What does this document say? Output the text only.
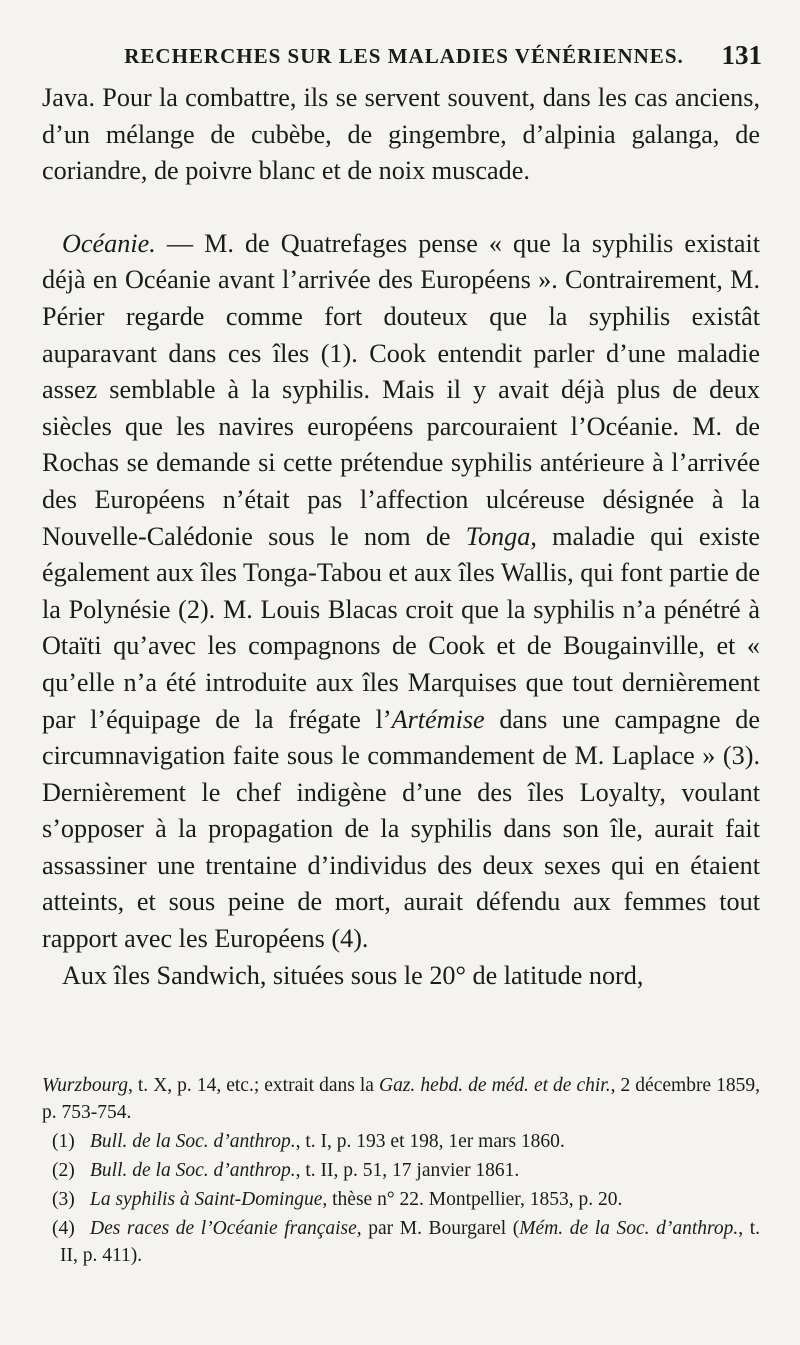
RECHERCHES SUR LES MALADIES VÉNÉRIENNES. 131

Java. Pour la combattre, ils se servent souvent, dans les cas anciens, d’un mélange de cubèbe, de gingembre, d’alpinia galanga, de coriandre, de poivre blanc et de noix muscade.

Océanie. — M. de Quatrefages pense « que la syphilis existait déjà en Océanie avant l’arrivée des Européens ». Contrairement, M. Périer regarde comme fort douteux que la syphilis existât auparavant dans ces îles (1). Cook entendit parler d’une maladie assez semblable à la syphilis. Mais il y avait déjà plus de deux siècles que les navires européens parcouraient l’Océanie. M. de Rochas se demande si cette prétendue syphilis antérieure à l’arrivée des Européens n’était pas l’affection ulcéreuse désignée à la Nouvelle-Calédonie sous le nom de Tonga, maladie qui existe également aux îles Tonga-Tabou et aux îles Wallis, qui font partie de la Polynésie (2). M. Louis Blacas croit que la syphilis n’a pénétré à Otaïti qu’avec les compagnons de Cook et de Bougainville, et « qu’elle n’a été introduite aux îles Marquises que tout dernièrement par l’équipage de la frégate l’Artémise dans une campagne de circumnavigation faite sous le commandement de M. Laplace » (3). Dernièrement le chef indigène d’une des îles Loyalty, voulant s’opposer à la propagation de la syphilis dans son île, aurait fait assassiner une trentaine d’individus des deux sexes qui en étaient atteints, et sous peine de mort, aurait défendu aux femmes tout rapport avec les Européens (4).

Aux îles Sandwich, situées sous le 20° de latitude nord,

Wurzbourg, t. X, p. 14, etc.; extrait dans la Gaz. hebd. de méd. et de chir., 2 décembre 1859, p. 753-754.

(1) Bull. de la Soc. d’anthrop., t. I, p. 193 et 198, 1er mars 1860.

(2) Bull. de la Soc. d’anthrop., t. II, p. 51, 17 janvier 1861.

(3) La syphilis à Saint-Domingue, thèse n° 22. Montpellier, 1853, p. 20.

(4) Des races de l’Océanie française, par M. Bourgarel (Mém. de la Soc. d’anthrop., t. II, p. 411).
